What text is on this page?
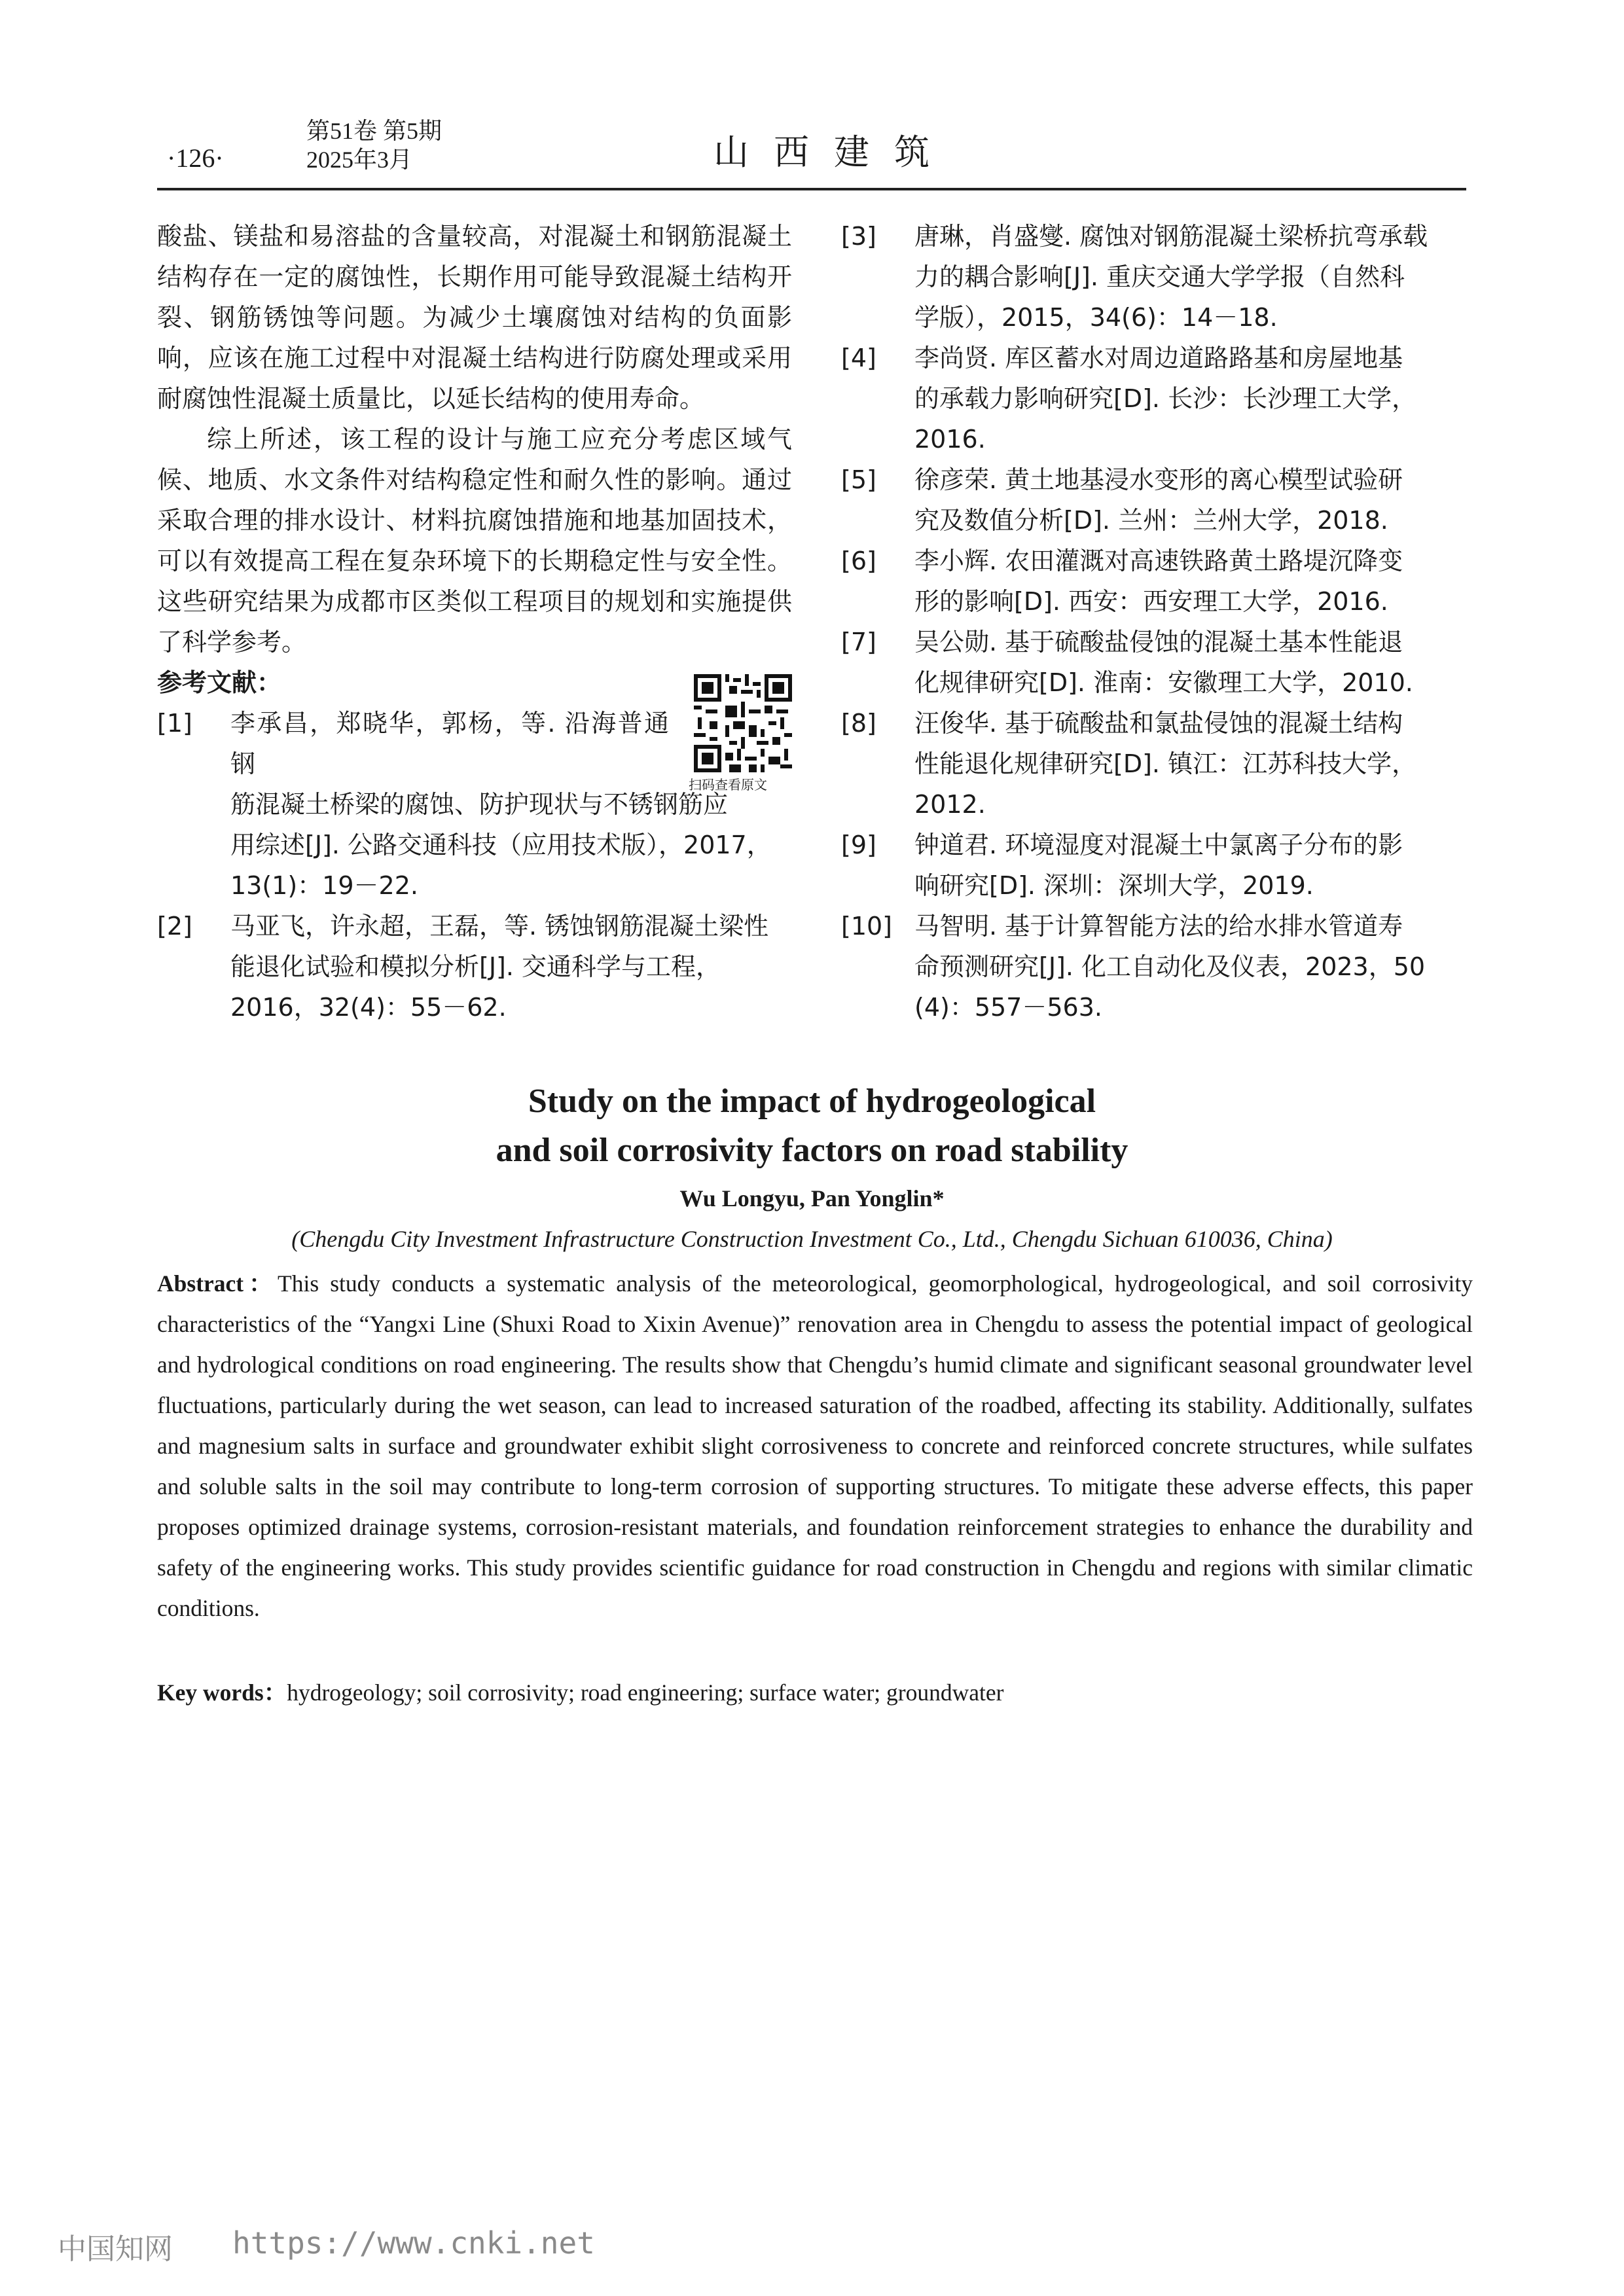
·126·
第51卷 第5期
2025年3月	山西建筑

酸盐、镁盐和易溶盐的含量较高，对混凝土和钢筋混凝土结构存在一定的腐蚀性，长期作用可能导致混凝土结构开裂、钢筋锈蚀等问题。为减少土壤腐蚀对结构的负面影响，应该在施工过程中对混凝土结构进行防腐处理或采用耐腐蚀性混凝土质量比，以延长结构的使用寿命。

综上所述，该工程的设计与施工应充分考虑区域气候、地质、水文条件对结构稳定性和耐久性的影响。通过采取合理的排水设计、材料抗腐蚀措施和地基加固技术，可以有效提高工程在复杂环境下的长期稳定性与安全性。这些研究结果为成都市区类似工程项目的规划和实施提供了科学参考。

参考文献：

[1] 李承昌，郑晓华，郭杨，等. 沿海普通钢
筋混凝土桥梁的腐蚀、防护现状与不锈钢筋应
用综述[J]. 公路交通科技（应用技术版），2017，
13(1)：19－22.
[2] 马亚飞，许永超，王磊，等. 锈蚀钢筋混凝土梁性
能退化试验和模拟分析[J]. 交通科学与工程，
2016，32(4)：55－62.
扫码查看原文
[3] 唐琳，肖盛燮. 腐蚀对钢筋混凝土梁桥抗弯承载
力的耦合影响[J]. 重庆交通大学学报（自然科
学版），2015，34(6)：14－18.
[4] 李尚贤. 库区蓄水对周边道路路基和房屋地基
的承载力影响研究[D]. 长沙：长沙理工大学，
2016.
[5] 徐彦荣. 黄土地基浸水变形的离心模型试验研
究及数值分析[D]. 兰州：兰州大学，2018.
[6] 李小辉. 农田灌溉对高速铁路黄土路堤沉降变
形的影响[D]. 西安：西安理工大学，2016.
[7] 吴公勋. 基于硫酸盐侵蚀的混凝土基本性能退
化规律研究[D]. 淮南：安徽理工大学，2010.
[8] 汪俊华. 基于硫酸盐和氯盐侵蚀的混凝土结构
性能退化规律研究[D]. 镇江：江苏科技大学，
2012.
[9] 钟道君. 环境湿度对混凝土中氯离子分布的影
响研究[D]. 深圳：深圳大学，2019.
[10] 马智明. 基于计算智能方法的给水排水管道寿
命预测研究[J]. 化工自动化及仪表，2023，50
(4)：557－563.
Study on the impact of hydrogeological
and soil corrosivity factors on road stability
Wu Longyu, Pan Yonglin*
(Chengdu City Investment Infrastructure Construction Investment Co., Ltd., Chengdu Sichuan 610036, China)

Abstract：This study conducts a systematic analysis of the meteorological, geomorphological, hydrogeological, and soil corrosivity characteristics of the “Yangxi Line (Shuxi Road to Xixin Avenue)” renovation area in Chengdu to assess the potential impact of geological and hydrological conditions on road engineering. The results show that Chengdu’s humid climate and significant seasonal groundwater level fluctuations, particularly during the wet season, can lead to increased saturation of the roadbed, affecting its stability. Additionally, sulfates and magnesium salts in surface and groundwater exhibit slight corrosiveness to concrete and reinforced concrete structures, while sulfates and soluble salts in the soil may contribute to long-term corrosion of supporting structures. To mitigate these adverse effects, this paper proposes optimized drainage systems, corrosion-resistant materials, and foundation reinforcement strategies to enhance the durability and safety of the engineering works. This study provides scientific guidance for road construction in Chengdu and regions with similar climatic conditions.

Key words：hydrogeology; soil corrosivity; road engineering; surface water; groundwater

中国知网 https://www.cnki.net
